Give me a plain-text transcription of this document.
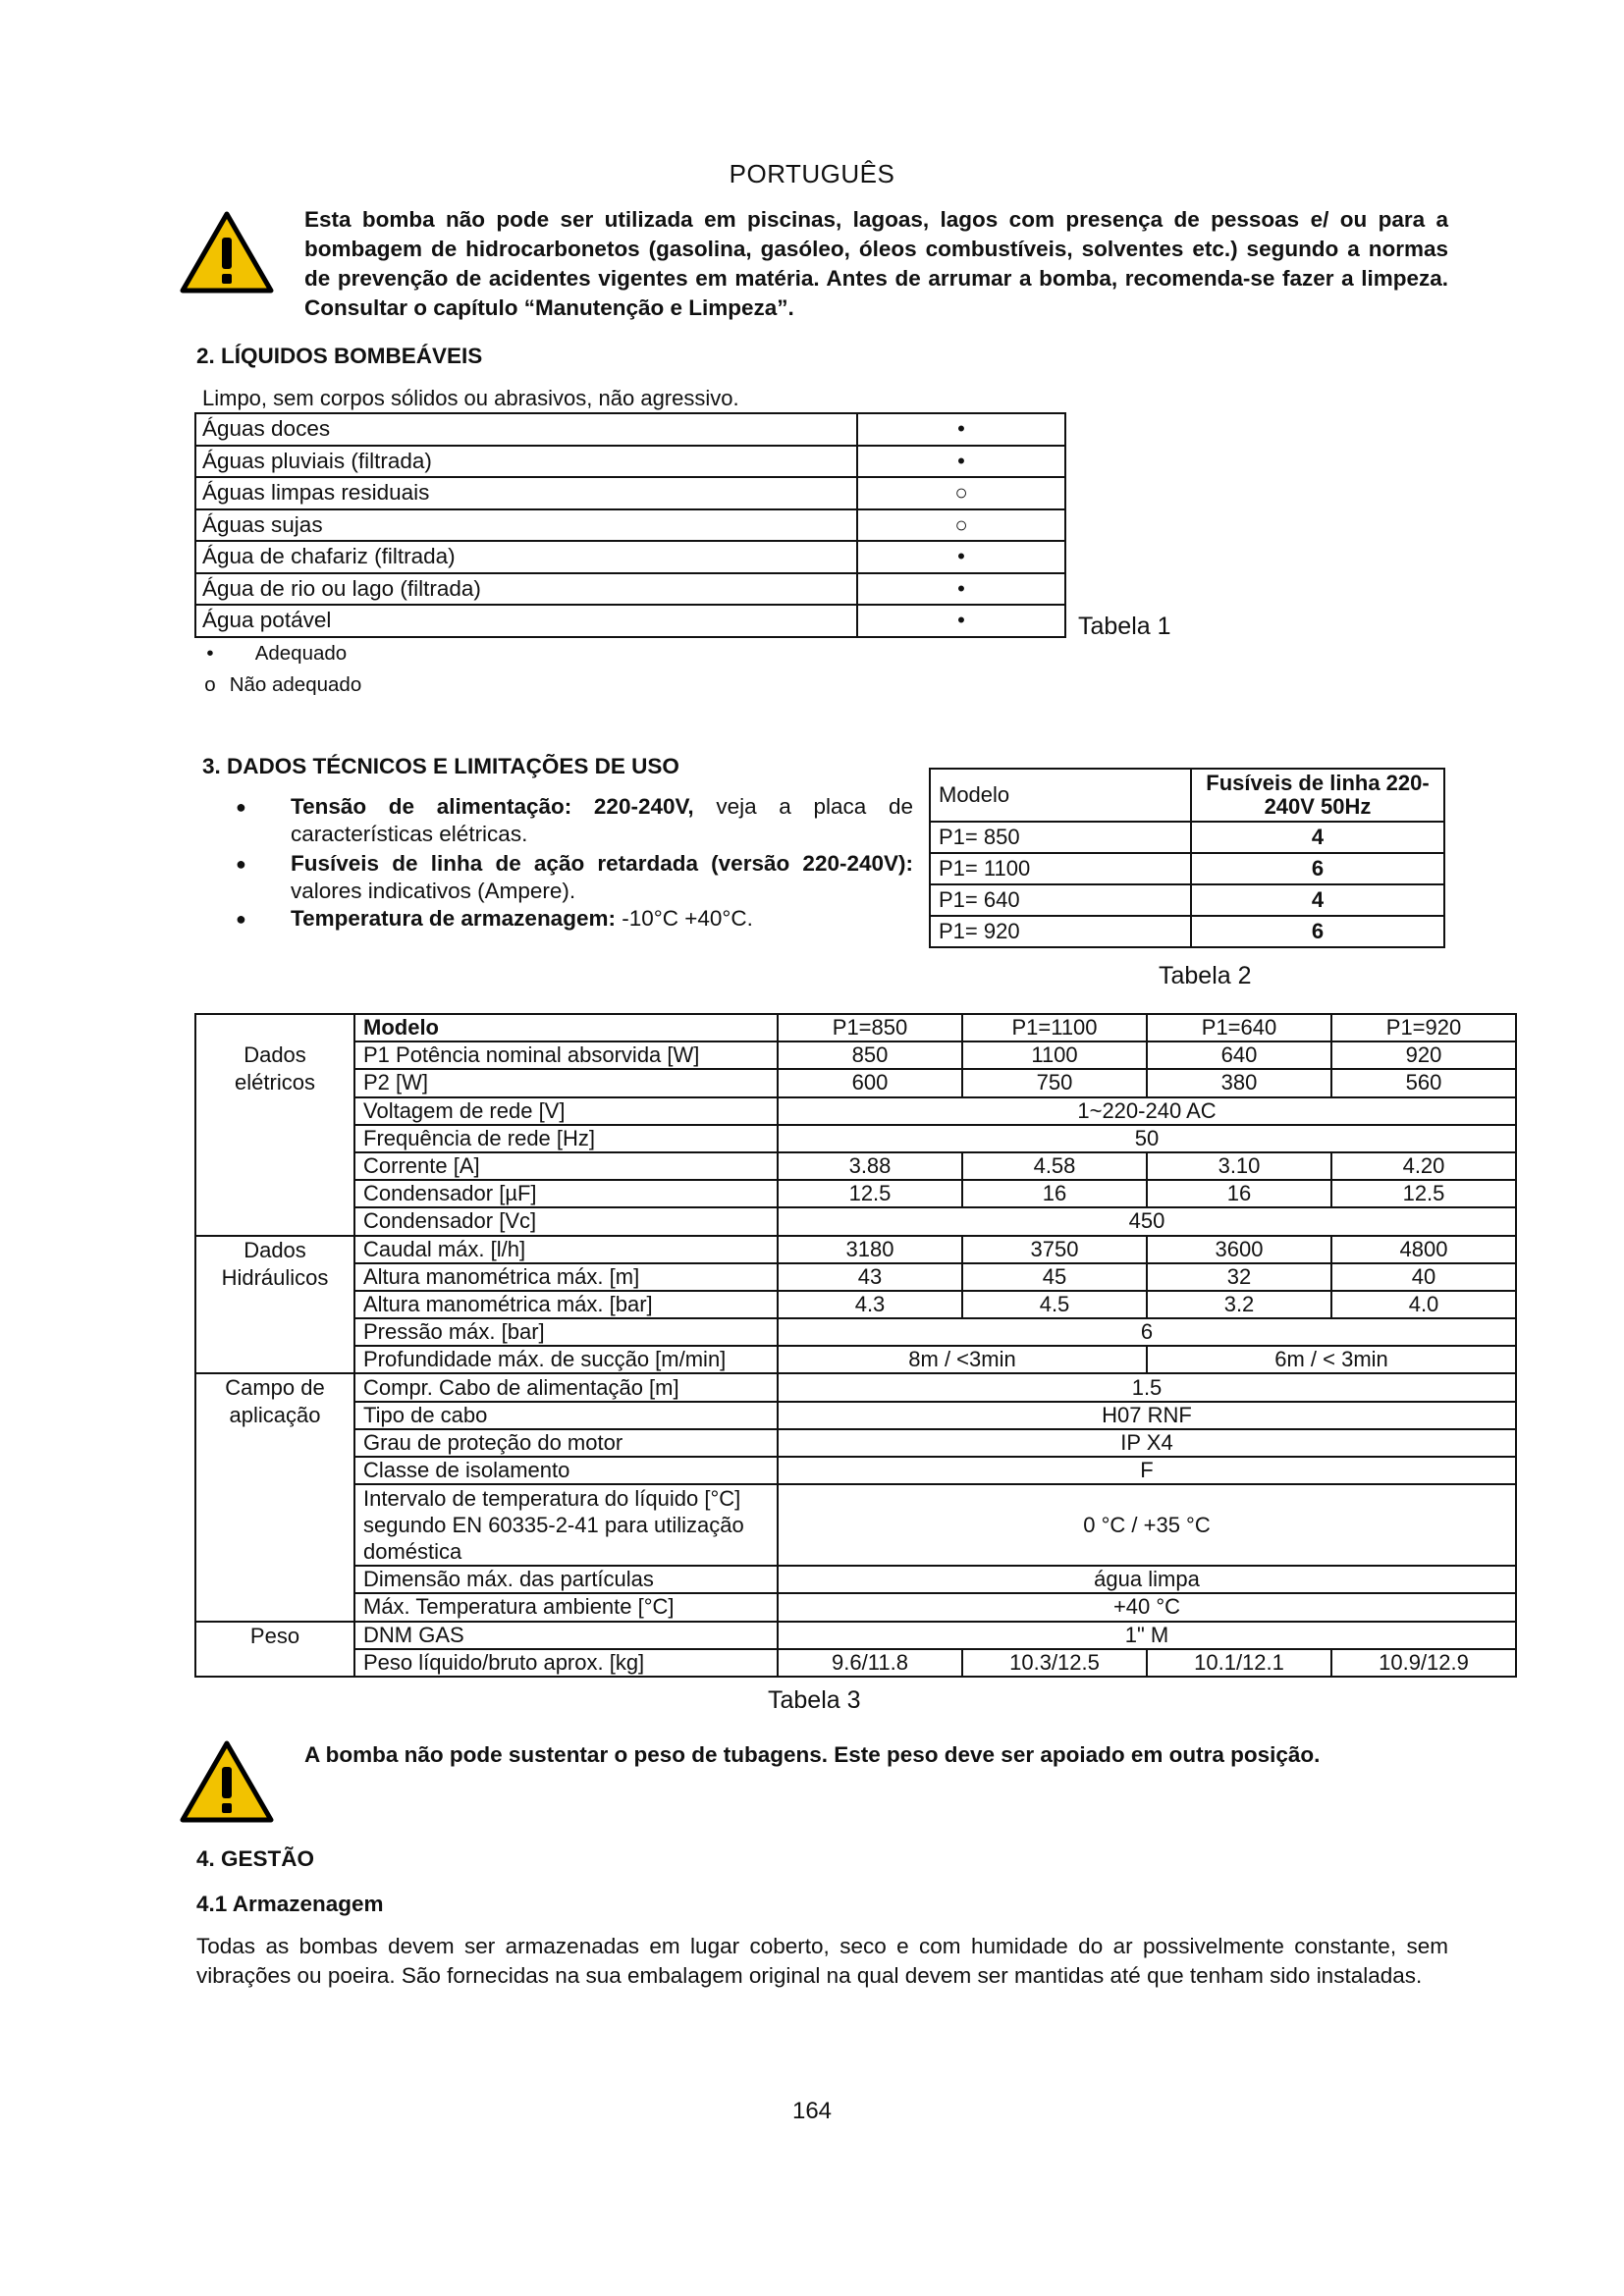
PORTUGUÊS
Esta bomba não pode ser utilizada em piscinas, lagoas, lagos com presença de pessoas e/ ou para a bombagem de hidrocarbonetos (gasolina, gasóleo, óleos combustíveis, solventes etc.) segundo a normas de prevenção de acidentes vigentes em matéria. Antes de arrumar a bomba, recomenda-se fazer a limpeza. Consultar o capítulo “Manutenção e Limpeza”.
2. LÍQUIDOS BOMBEÁVEIS
Limpo, sem corpos sólidos ou abrasivos, não agressivo.
Águas doces	•
Águas pluviais (filtrada)	•
Águas limpas residuais	○
Águas sujas	○
Água de chafariz (filtrada)	•
Água de rio ou lago (filtrada)	•
Água potável	•	Tabela 1
• Adequado
o Não adequado
3. DADOS TÉCNICOS E LIMITAÇÕES DE USO
● Tensão de alimentação: 220-240V, veja a placa de características elétricas.
● Fusíveis de linha de ação retardada (versão 220-240V): valores indicativos (Ampere).
● Temperatura de armazenagem: -10°C +40°C.
Modelo	Fusíveis de linha 220-240V 50Hz
P1= 850	4
P1= 1100	6
P1= 640	4
P1= 920	6
Tabela 2
	Modelo	P1=850	P1=1100	P1=640	P1=920
Dados elétricos	P1 Potência nominal absorvida [W]	850	1100	640	920
	P2 [W]	600	750	380	560
	Voltagem de rede [V]	1~220-240 AC			
	Frequência de rede [Hz]	50			
	Corrente [A]	3.88	4.58	3.10	4.20
	Condensador [µF]	12.5	16	16	12.5
	Condensador [Vc]	450			
Dados Hidráulicos	Caudal máx. [l/h]	3180	3750	3600	4800
	Altura manométrica máx. [m]	43	45	32	40
	Altura manométrica máx. [bar]	4.3	4.5	3.2	4.0
	Pressão máx. [bar]	6			
	Profundidade máx. de sucção [m/min]	8m / <3min		6m / < 3min	
Campo de aplicação	Compr. Cabo de alimentação [m]	1.5			
	Tipo de cabo	H07 RNF			
	Grau de proteção do motor	IP X4			
	Classe de isolamento	F			
	Intervalo de temperatura do líquido [°C] segundo EN 60335-2-41 para utilização doméstica	0 °C / +35 °C			
	Dimensão máx. das partículas	água limpa			
	Máx. Temperatura ambiente [°C]	+40 °C			
Peso	DNM GAS	1" M			
	Peso líquido/bruto aprox. [kg]	9.6/11.8	10.3/12.5	10.1/12.1	10.9/12.9
Tabela 3
A bomba não pode sustentar o peso de tubagens. Este peso deve ser apoiado em outra posição.
4. GESTÃO
4.1 Armazenagem
Todas as bombas devem ser armazenadas em lugar coberto, seco e com humidade do ar possivelmente constante, sem vibrações ou poeira. São fornecidas na sua embalagem original na qual devem ser mantidas até que tenham sido instaladas.
164
